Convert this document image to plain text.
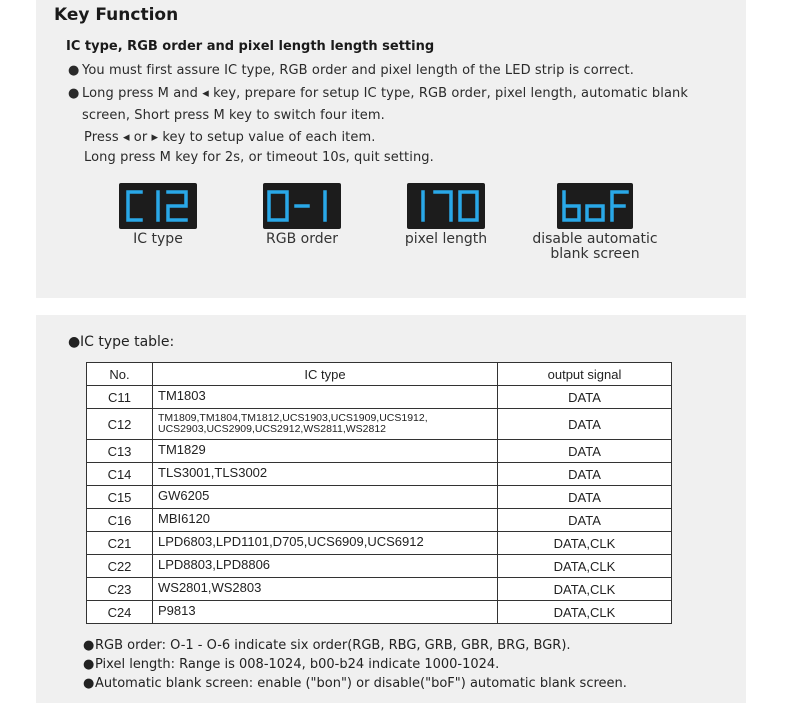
Key Function
IC type, RGB order and pixel length length setting
● You must first assure IC type, RGB order and pixel length of the LED strip is correct.
● Long press M and ◂ key, prepare for setup IC type, RGB order, pixel length, automatic blank
screen, Short press M key to switch four item.
Press ◂ or ▸ key to setup value of each item.
Long press M key for 2s, or timeout 10s, quit setting.
IC type	RGB order	pixel length	disable automatic
blank screen
●IC type table:
No.	IC type	output signal
C11	TM1803	DATA
C12	TM1809,TM1804,TM1812,UCS1903,UCS1909,UCS1912,
UCS2903,UCS2909,UCS2912,WS2811,WS2812	DATA
C13	TM1829	DATA
C14	TLS3001,TLS3002	DATA
C15	GW6205	DATA
C16	MBI6120	DATA
C21	LPD6803,LPD1101,D705,UCS6909,UCS6912	DATA,CLK
C22	LPD8803,LPD8806	DATA,CLK
C23	WS2801,WS2803	DATA,CLK
C24	P9813	DATA,CLK
●RGB order: O-1 - O-6 indicate six order(RGB, RBG, GRB, GBR, BRG, BGR).
●Pixel length: Range is 008-1024, b00-b24 indicate 1000-1024.
●Automatic blank screen: enable ("bon") or disable("boF") automatic blank screen.
